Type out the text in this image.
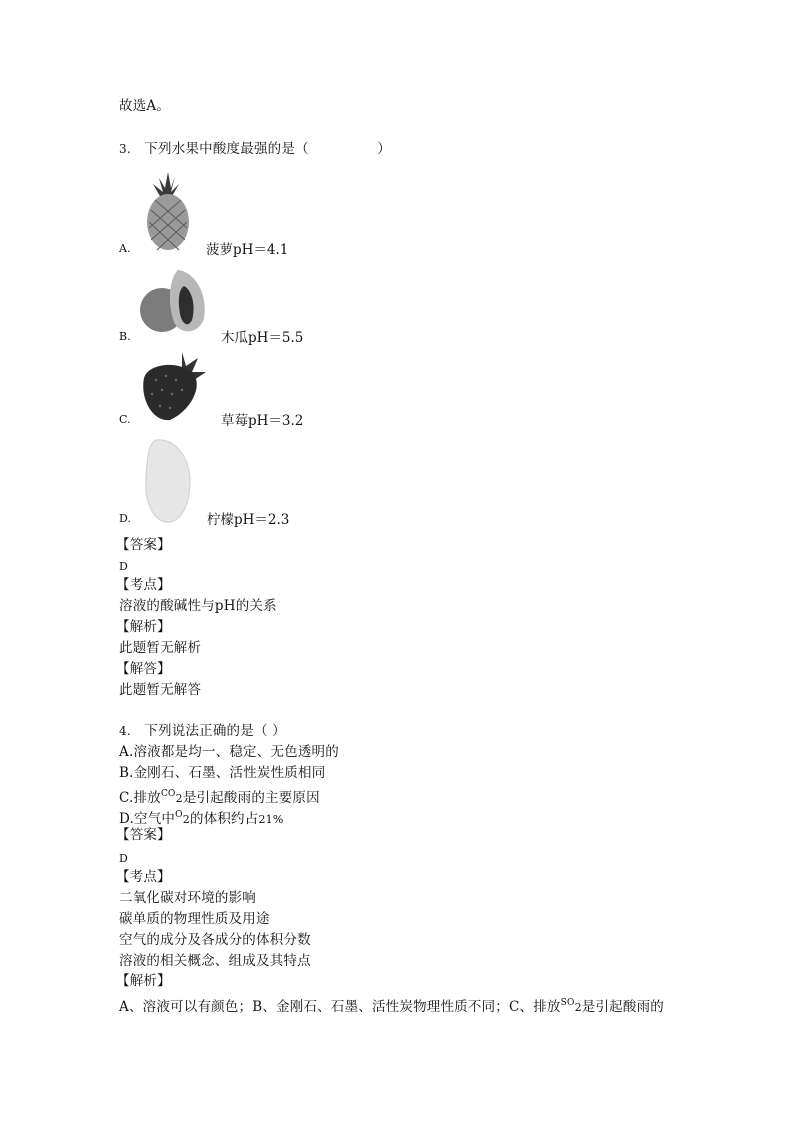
故选A。
3. 下列水果中酸度最强的是（　　　　　）
A.	菠萝pH＝4.1
B.	木瓜pH＝5.5
C.	草莓pH＝3.2
D.	柠檬pH＝2.3
【答案】
D
【考点】
溶液的酸碱性与pH的关系
【解析】
此题暂无解析
【解答】
此题暂无解答
4. 下列说法正确的是（ ）
A.溶液都是均一、稳定、无色透明的
B.金刚石、石墨、活性炭性质相同
C.排放$^{CO}$2是引起酸雨的主要原因
D.空气中$^O$2的体积约占21%
【答案】
D
【考点】
二氧化碳对环境的影响
碳单质的物理性质及用途
空气的成分及各成分的体积分数
溶液的相关概念、组成及其特点
【解析】
A、溶液可以有颜色；B、金刚石、石墨、活性炭物理性质不同；C、排放$^{SO}$2是引起酸雨的
